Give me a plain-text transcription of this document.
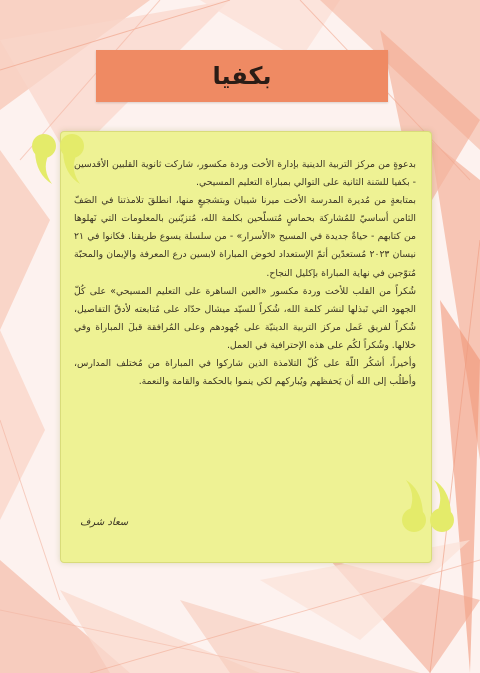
بكفيا

بدعوةٍ من مركز التربية الدينية بإدارة الأخت وردة مكسور، شاركت ثانوية القلبين الأقدسين - بكفيا للسَنة الثانية على التوالي بمباراة التعليم المسيحي.

بمتابعةٍ من مُديرة المدرسة الأخت ميرنا شيبان وبتشجيعٍ منها، انطلقَ تلامذتنا في الصَفّ الثامن أساسيّ للمُشاركة بحماسٍ مُتسلّحين بكلمة الله، مُتزيّنين بالمعلومات التي نَهلوها من كتابهم - حياةٌ جديدة في المسيح «الأسرار» - من سلسلة يسوع طريقنا. فكانوا في ٢١ نيسان ٢٠٢٣ مُستعدّين أتمّ الإستعداد لخوض المباراة لابسين درع المعرفة والإيمان والمحبّة مُتوّجين في نهاية المباراة بإكليل النجاح.

شُكراً من القلب للأخت وردة مكسور «العين الساهرة على التعليم المسيحي» على كُلّ الجهود التي تَبذلها لنشر كلمة الله، شُكراً للسيّد ميشال حدّاد على مُتابعته لأدقّ التفاصيل، شُكراً لفريق عَمل مركز التربية الدينيّة على جُهودهم وعلى المُرافقة قبلَ المباراة وفي خلالها. وشُكراً لكُم على هذه الإحترافية في العمل.

وأخيراً، أشكُر اللّهَ على كُلّ التلامذة الذين شاركوا في المباراة من مُختلف المدارس، وأطلُب إلى الله أن يَحفظهم ويُباركهم لكي ينموا بالحكمة والقامة والنعمة.

سعاد شرف
